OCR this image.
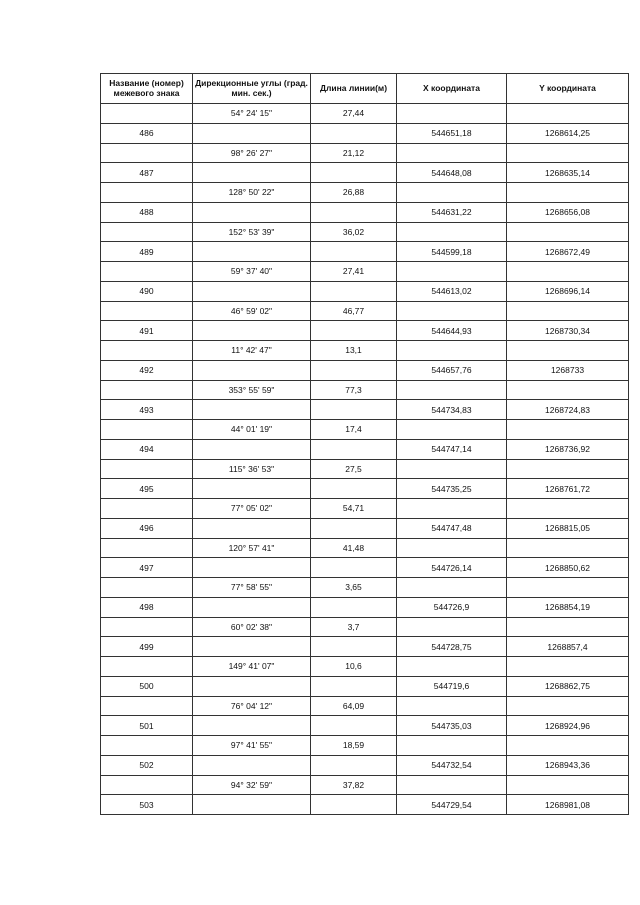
Название (номер) межевого знака	Дирекционные углы (град. мин. сек.)	Длина линии(м)	X координата	Y координата
	54° 24' 15"	27,44		
486			544651,18	1268614,25
	98° 26' 27"	21,12		
487			544648,08	1268635,14
	128° 50' 22"	26,88		
488			544631,22	1268656,08
	152° 53' 39"	36,02		
489			544599,18	1268672,49
	59° 37' 40"	27,41		
490			544613,02	1268696,14
	46° 59' 02"	46,77		
491			544644,93	1268730,34
	11° 42' 47"	13,1		
492			544657,76	1268733
	353° 55' 59"	77,3		
493			544734,83	1268724,83
	44° 01' 19"	17,4		
494			544747,14	1268736,92
	115° 36' 53"	27,5		
495			544735,25	1268761,72
	77° 05' 02"	54,71		
496			544747,48	1268815,05
	120° 57' 41"	41,48		
497			544726,14	1268850,62
	77° 58' 55"	3,65		
498			544726,9	1268854,19
	60° 02' 38"	3,7		
499			544728,75	1268857,4
	149° 41' 07"	10,6		
500			544719,6	1268862,75
	76° 04' 12"	64,09		
501			544735,03	1268924,96
	97° 41' 55"	18,59		
502			544732,54	1268943,36
	94° 32' 59"	37,82		
503			544729,54	1268981,08
